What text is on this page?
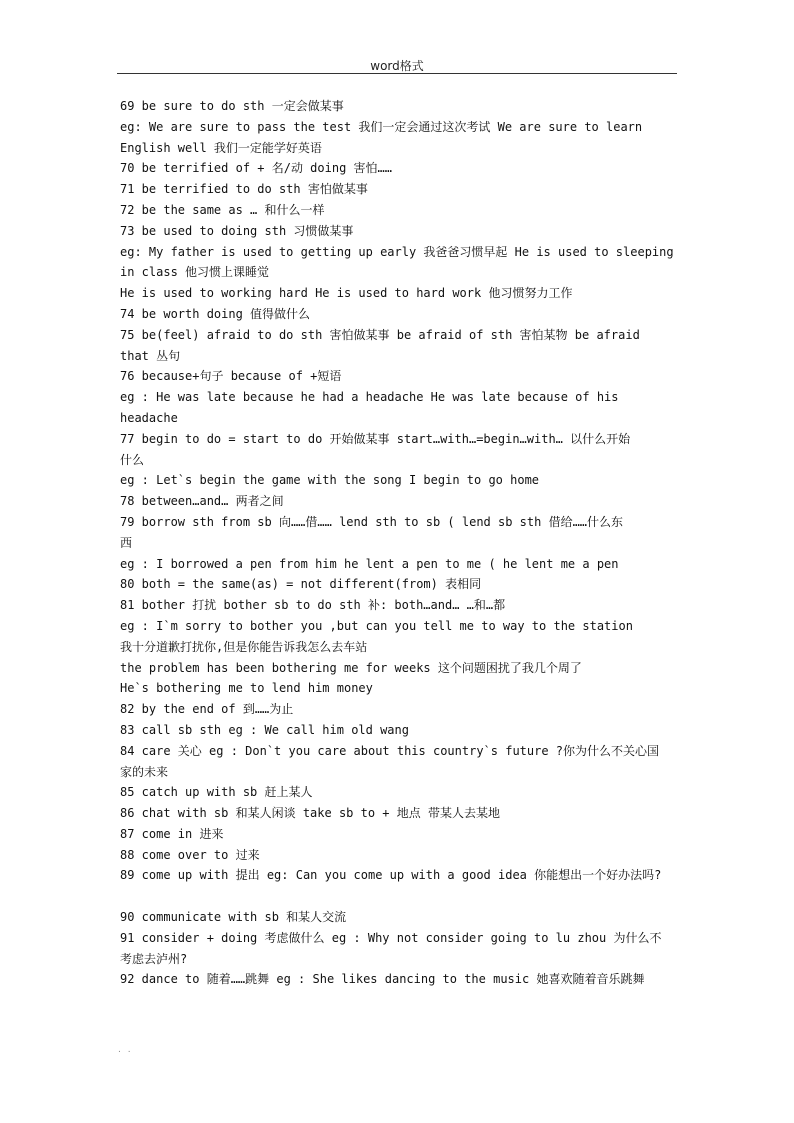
word格式
69 be sure to do sth 一定会做某事
eg: We are sure to pass the test 我们一定会通过这次考试 We are sure to learn
English well 我们一定能学好英语
70 be terrified of + 名/动 doing 害怕……
71 be terrified to do sth 害怕做某事
72 be the same as … 和什么一样
73 be used to doing sth 习惯做某事
eg: My father is used to getting up early 我爸爸习惯早起 He is used to sleeping
in class 他习惯上课睡觉
He is used to working hard He is used to hard work 他习惯努力工作
74 be worth doing 值得做什么
75 be(feel) afraid to do sth 害怕做某事 be afraid of sth 害怕某物 be afraid
that 丛句
76 because+句子 because of +短语
eg : He was late because he had a headache He was late because of his
headache
77 begin to do = start to do 开始做某事 start…with…=begin…with… 以什么开始
什么
eg : Let`s begin the game with the song I begin to go home
78 between…and… 两者之间
79 borrow sth from sb 向……借…… lend sth to sb ( lend sb sth 借给……什么东
西
eg : I borrowed a pen from him he lent a pen to me ( he lent me a pen
80 both = the same(as) = not different(from) 表相同
81 bother 打扰 bother sb to do sth 补: both…and… …和…都
eg : I`m sorry to bother you ,but can you tell me to way to the station
我十分道歉打扰你,但是你能告诉我怎么去车站
the problem has been bothering me for weeks 这个问题困扰了我几个周了
He`s bothering me to lend him money
82 by the end of 到……为止
83 call sb sth eg : We call him old wang
84 care 关心 eg : Don`t you care about this country`s future ?你为什么不关心国
家的未来
85 catch up with sb 赶上某人
86 chat with sb 和某人闲谈 take sb to + 地点 带某人去某地
87 come in 进来
88 come over to 过来
89 come up with 提出 eg: Can you come up with a good idea 你能想出一个好办法吗?
90 communicate with sb 和某人交流
91 consider + doing 考虑做什么 eg : Why not consider going to lu zhou 为什么不
考虑去泸州?
92 dance to 随着……跳舞 eg : She likes dancing to the music 她喜欢随着音乐跳舞
. .
